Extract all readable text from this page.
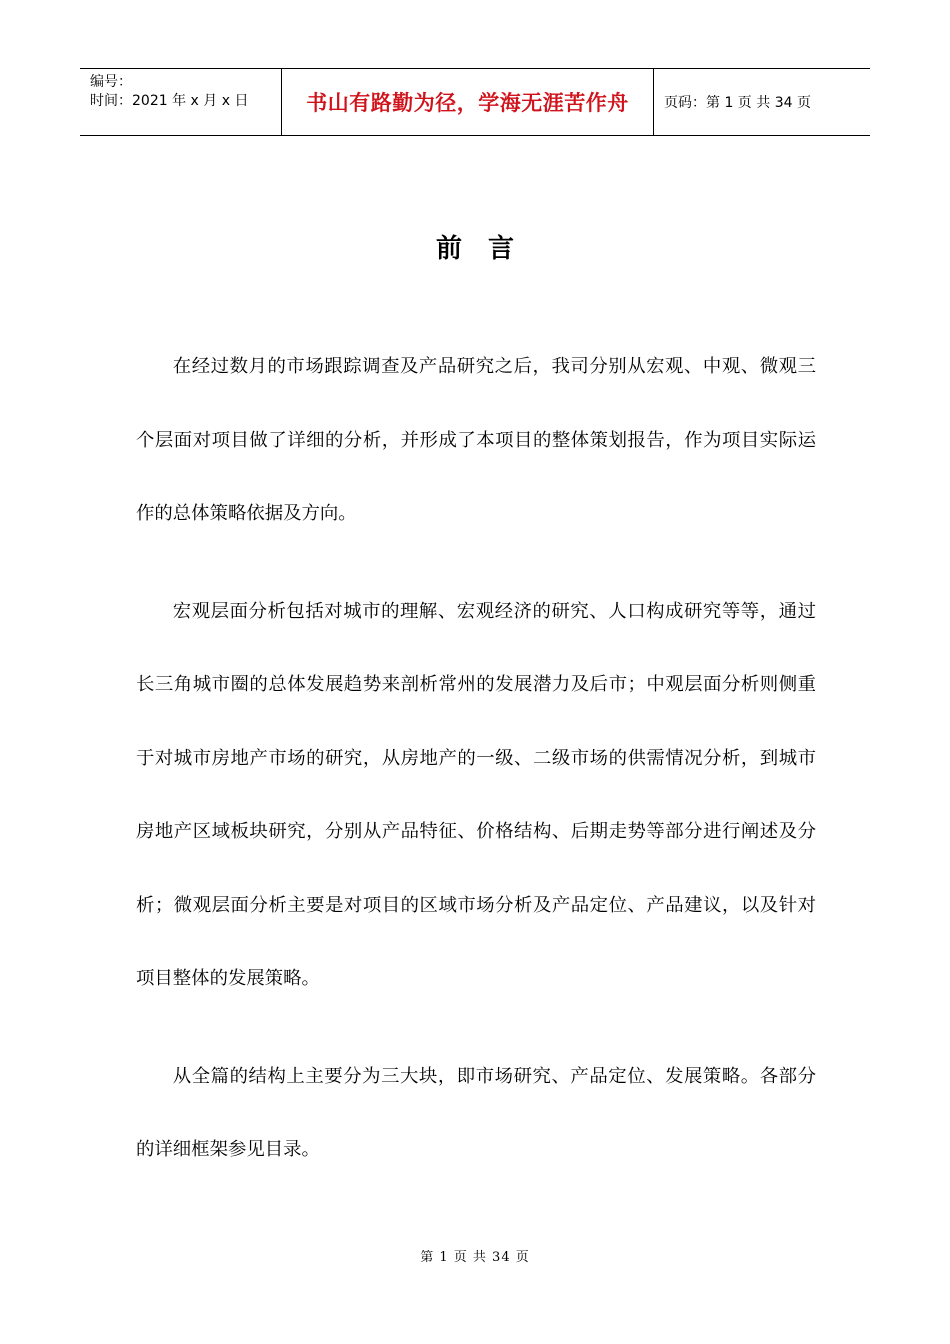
编号：
时间：2021 年 x 月 x 日	书山有路勤为径，学海无涯苦作舟	页码：第 1 页 共 34 页
前言

在经过数月的市场跟踪调查及产品研究之后，我司分别从宏观、中观、微观三个层面对项目做了详细的分析，并形成了本项目的整体策划报告，作为项目实际运作的总体策略依据及方向。

宏观层面分析包括对城市的理解、宏观经济的研究、人口构成研究等等，通过长三角城市圈的总体发展趋势来剖析常州的发展潜力及后市；中观层面分析则侧重于对城市房地产市场的研究，从房地产的一级、二级市场的供需情况分析，到城市房地产区域板块研究，分别从产品特征、价格结构、后期走势等部分进行阐述及分析；微观层面分析主要是对项目的区域市场分析及产品定位、产品建议，以及针对项目整体的发展策略。

从全篇的结构上主要分为三大块，即市场研究、产品定位、发展策略。各部分的详细框架参见目录。

第 1 页 共 34 页
